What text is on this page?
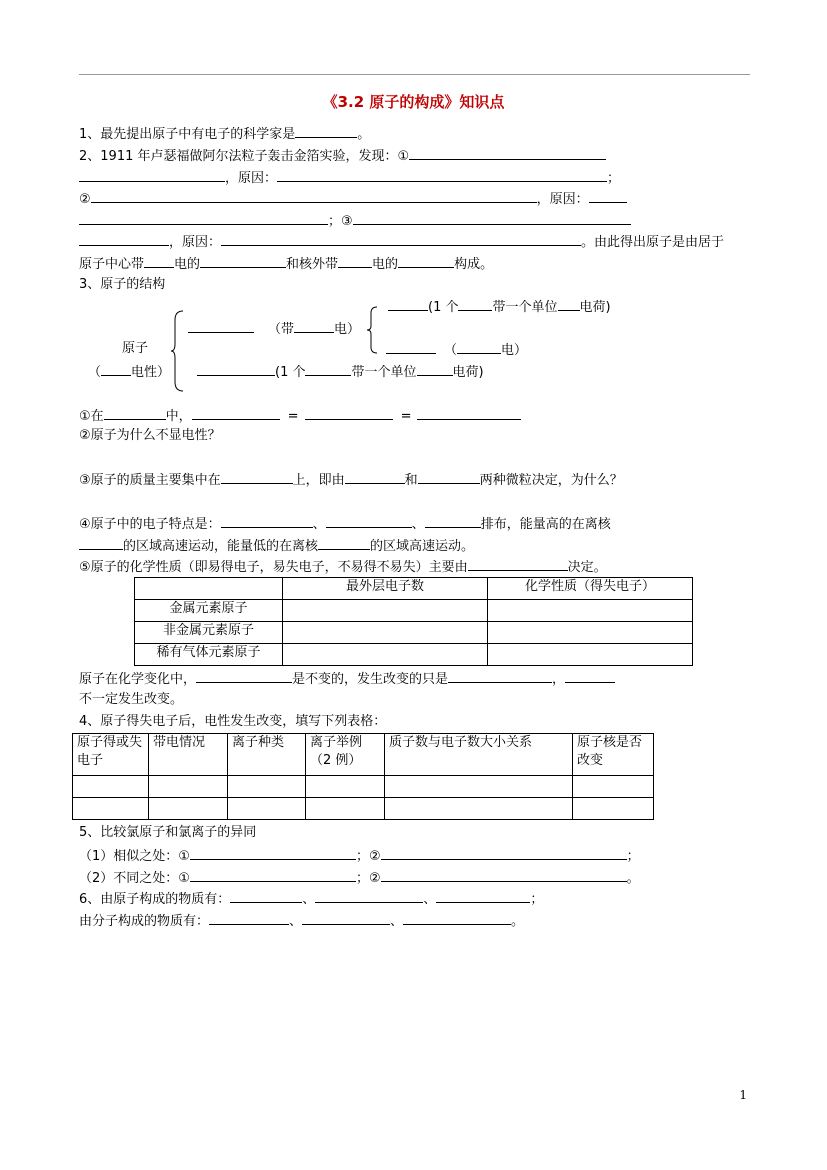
《3.2 原子的构成》知识点
1、最先提出原子中有电子的科学家是	。
2、1911 年卢瑟福做阿尔法粒子轰击金箔实验，发现：①
，原因：	；
②	，原因：
；③
，原因：	。由此得出原子是由居于
原子中心带 电的	和核外带	电的	构成。
3、原子的结构
原子
（ 电性）
（带	电）
(1 个	带一个单位 电荷)
（	电）
(1 个	带一个单位	电荷)
①在	中，	=	=
②原子为什么不显电性？
③原子的质量主要集中在	上，即由	和	两种微粒决定，为什么？
④原子中的电子特点是：	、	、	排布，能量高的在离核
的区域高速运动，能量低的在离核	的区域高速运动。
⑤原子的化学性质（即易得电子，易失电子，不易得不易失）主要由	决定。
	最外层电子数	化学性质（得失电子）
金属元素原子		
非金属元素原子		
稀有气体元素原子		
原子在化学变化中，	是不变的，发生改变的只是	，
不一定发生改变。
4、原子得失电子后，电性发生改变，填写下列表格：
原子得或失电子	带电情况	离子种类	离子举例（2 例）	质子数与电子数大小关系	原子核是否改变

5、比较氯原子和氯离子的异同
（1）相似之处：①	；②	；
（2）不同之处：①	；②	。
6、由原子构成的物质有：	、	、	；
由分子构成的物质有：	、	、	。
1
